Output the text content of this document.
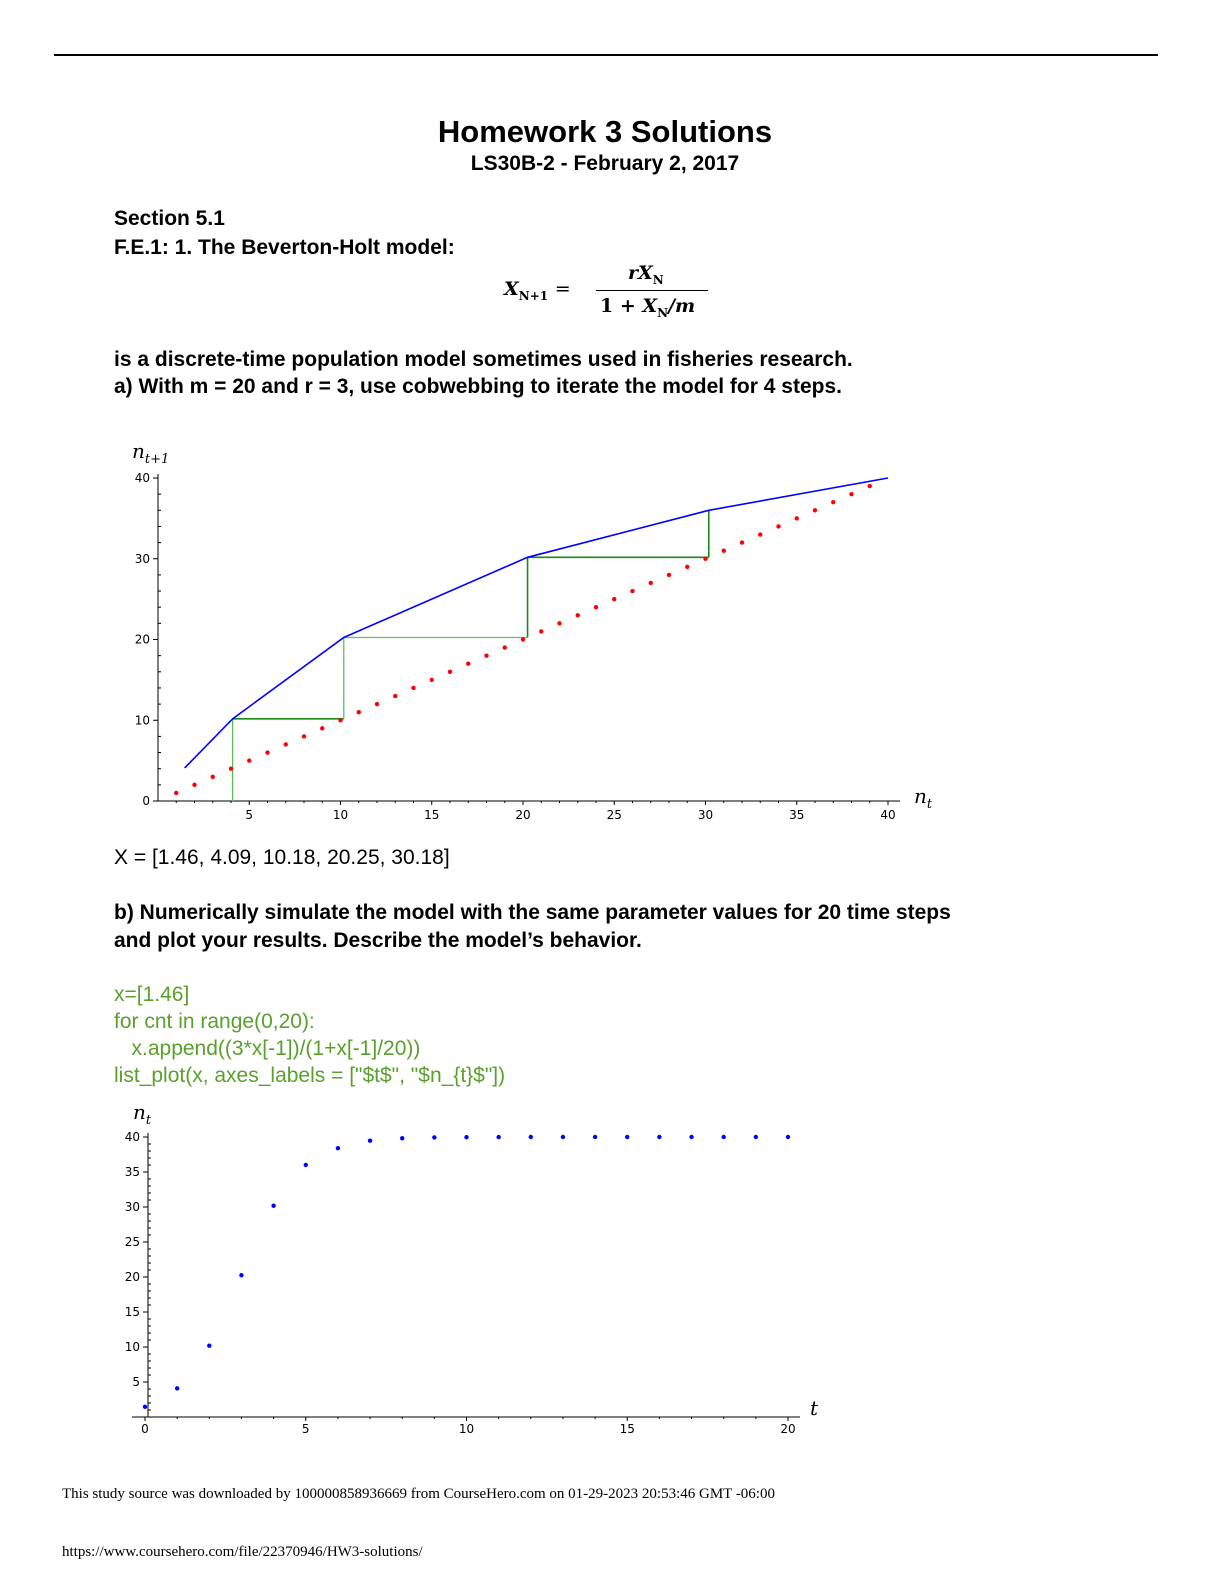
Homework 3 Solutions
LS30B-2 - February 2, 2017
Section 5.1
F.E.1: 1. The Beverton-Holt model:
$X_{N+1}$ =
$rX_N$
$1 + X_N/m$
is a discrete-time population model sometimes used in fisheries research.
a) With m = 20 and r = 3, use cobwebbing to iterate the model for 4 steps.
0
10
20
30
40
5	10	15	20	25	30	35	40
$n_{t+1}$
$n_t$
X = [1.46, 4.09, 10.18, 20.25, 30.18]
b) Numerically simulate the model with the same parameter values for 20 time steps
and plot your results. Describe the model’s behavior.
x=[1.46]
for cnt in range(0,20):
x.append((3*x[-1])/(1+x[-1]/20))
list_plot(x, axes_labels = ["$t$", "$n_{t}$"])
5
10
15
20
25
30
35
40
0	5	10	15	20
$n_t$
t
This study source was downloaded by 100000858936669 from CourseHero.com on 01-29-2023 20:53:46 GMT -06:00
https://www.coursehero.com/file/22370946/HW3-solutions/
